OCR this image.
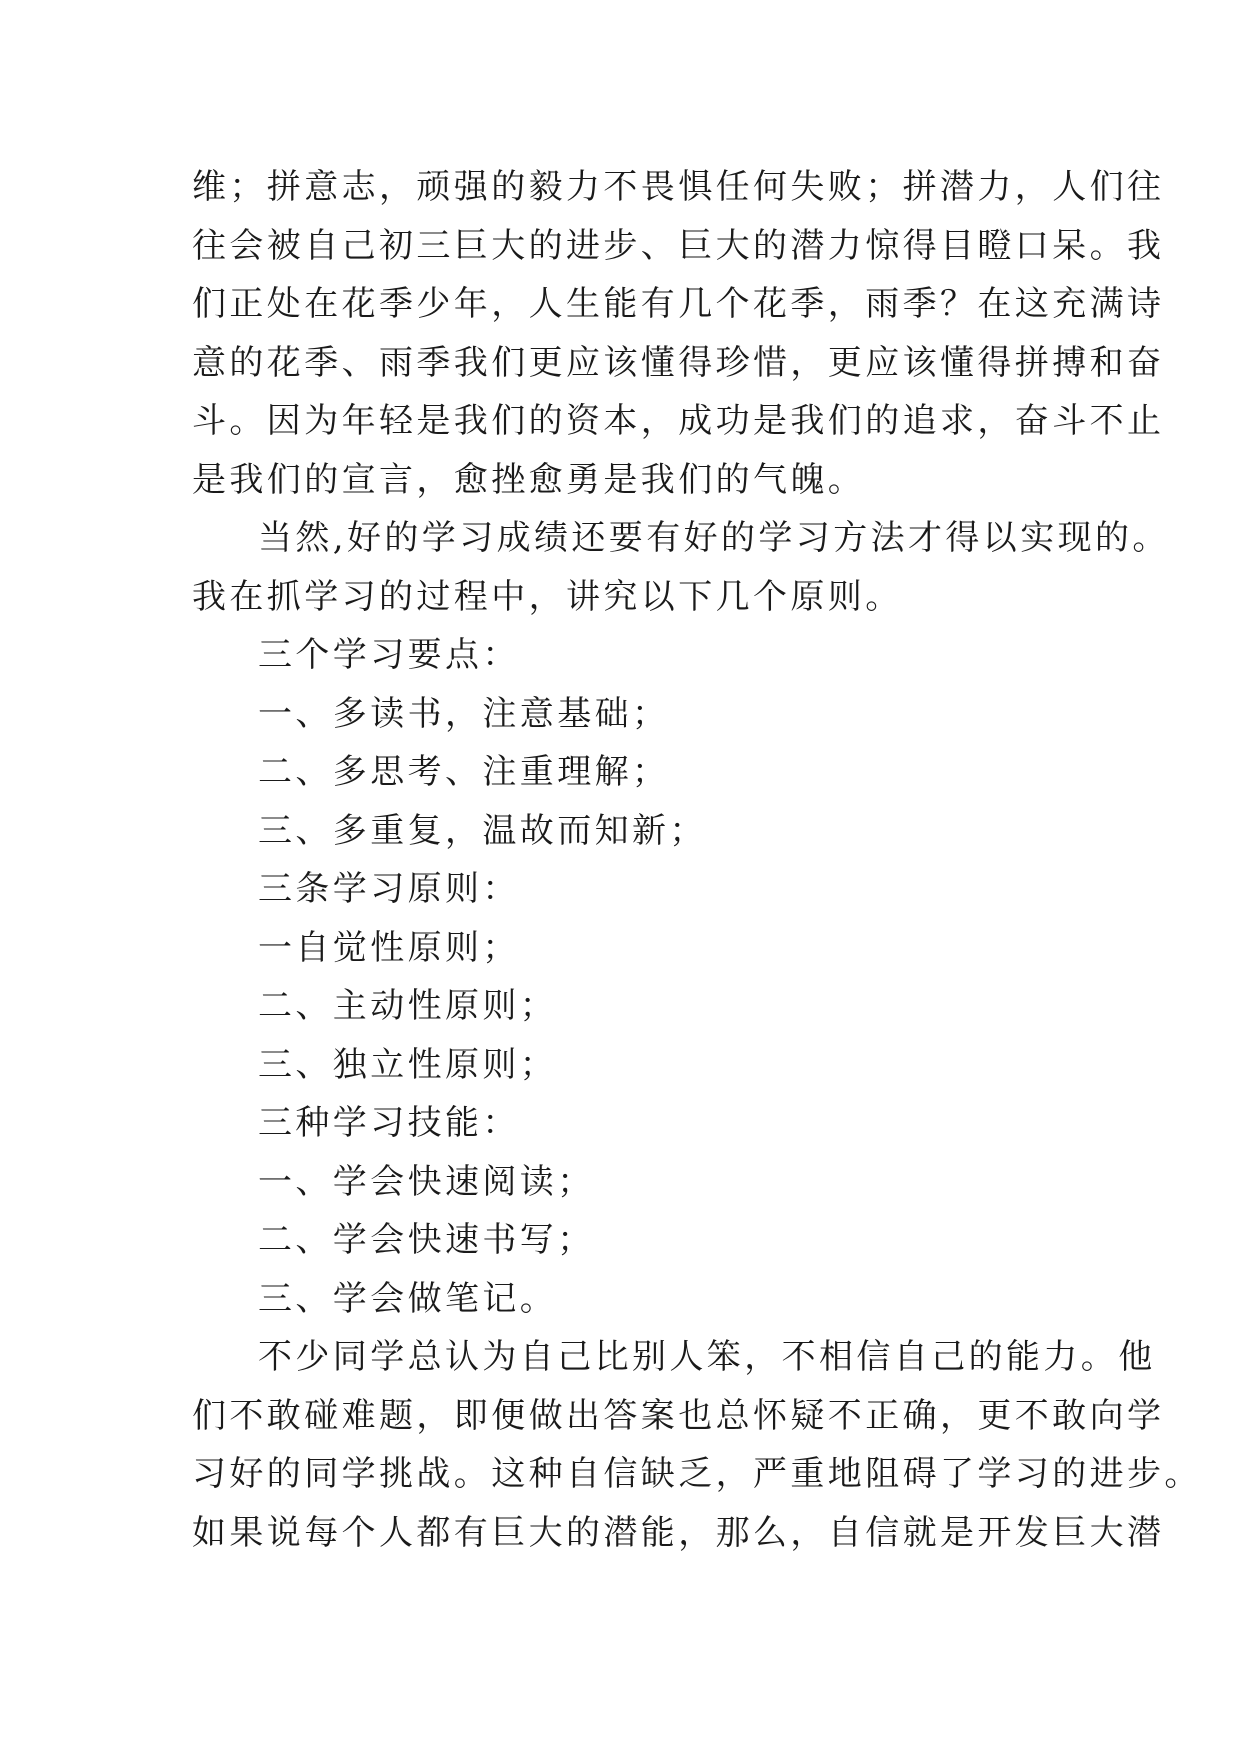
维；拼意志，顽强的毅力不畏惧任何失败；拼潜力，人们往
往会被自己初三巨大的进步、巨大的潜力惊得目瞪口呆。我
们正处在花季少年，人生能有几个花季，雨季？在这充满诗
意的花季、雨季我们更应该懂得珍惜，更应该懂得拼搏和奋
斗。因为年轻是我们的资本，成功是我们的追求，奋斗不止
是我们的宣言，愈挫愈勇是我们的气魄。
当然,好的学习成绩还要有好的学习方法才得以实现的。
我在抓学习的过程中，讲究以下几个原则。
三个学习要点：
一、多读书，注意基础；
二、多思考、注重理解；
三、多重复，温故而知新；
三条学习原则：
一自觉性原则；
二、主动性原则；
三、独立性原则；
三种学习技能：
一、学会快速阅读；
二、学会快速书写；
三、学会做笔记。
不少同学总认为自己比别人笨，不相信自己的能力。他
们不敢碰难题，即便做出答案也总怀疑不正确，更不敢向学
习好的同学挑战。这种自信缺乏，严重地阻碍了学习的进步。
如果说每个人都有巨大的潜能，那么，自信就是开发巨大潜
